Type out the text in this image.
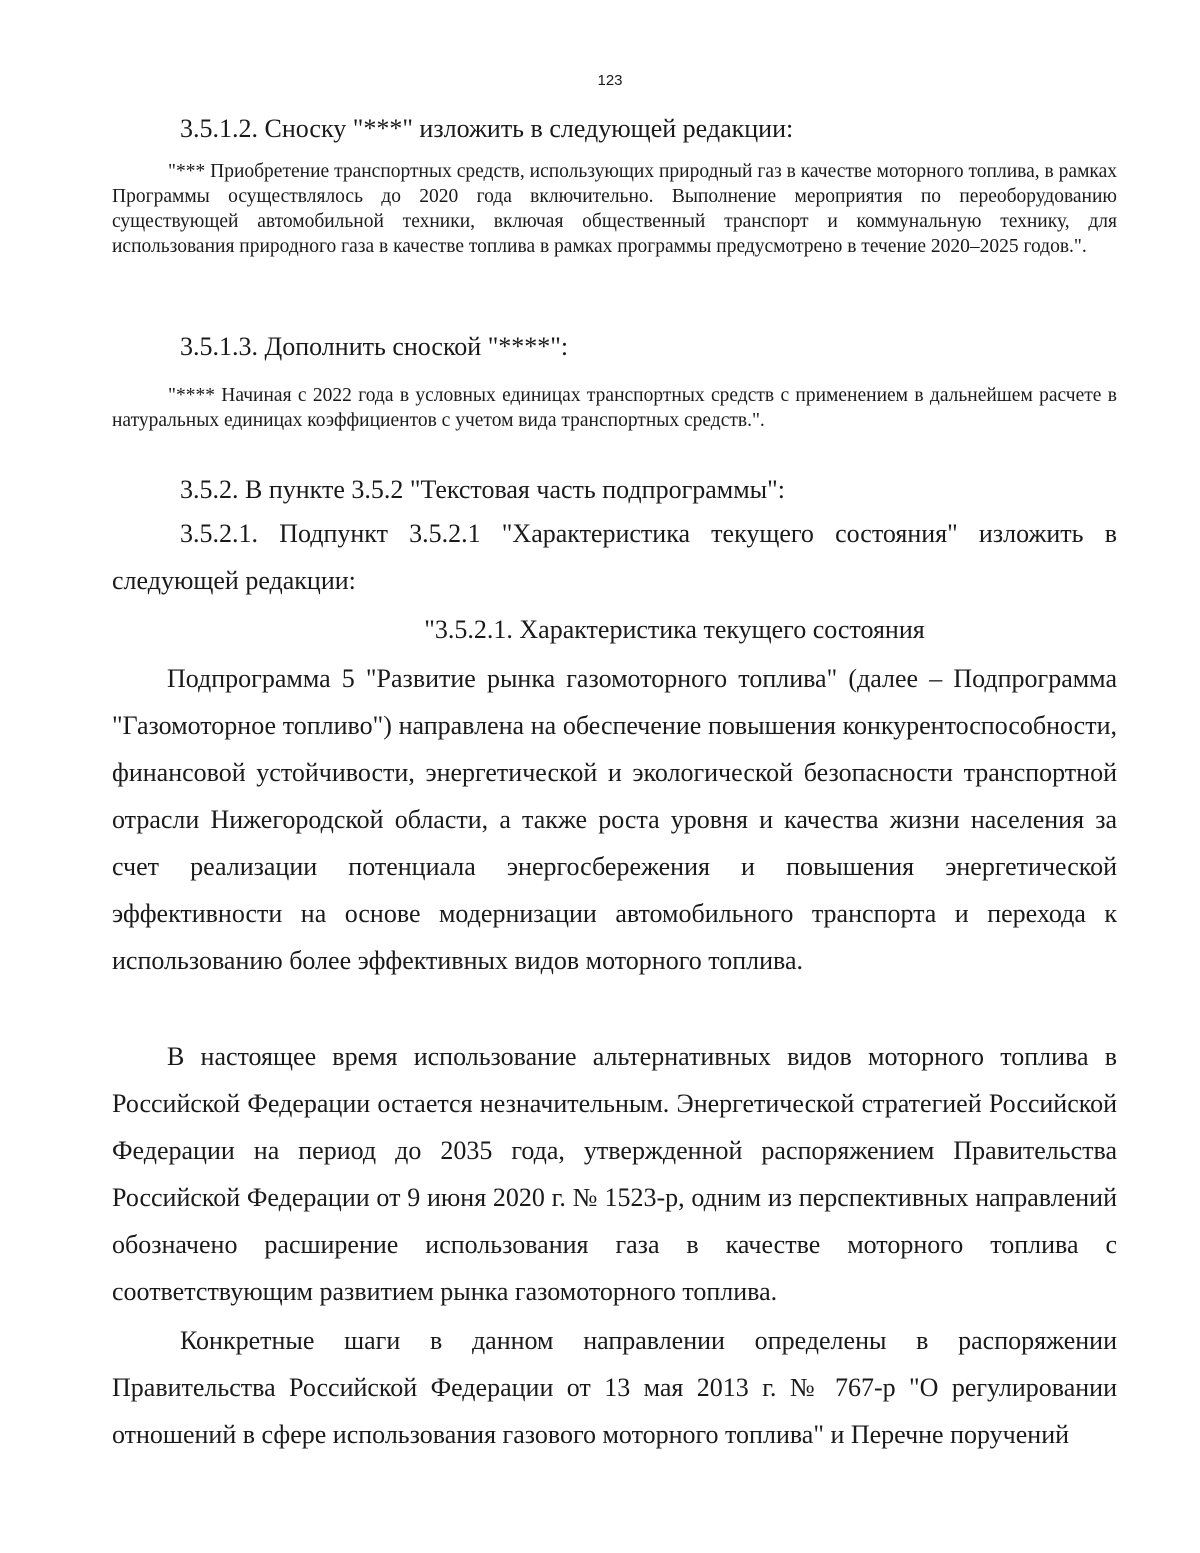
123

3.5.1.2. Сноску "***" изложить в следующей редакции:

"*** Приобретение транспортных средств, использующих природный газ в качестве моторного топлива, в рамках Программы осуществлялось до 2020 года включительно. Выполнение мероприятия по переоборудованию существующей автомобильной техники, включая общественный транспорт и коммунальную технику, для использования природного газа в качестве топлива в рамках программы предусмотрено в течение 2020–2025 годов.".

3.5.1.3. Дополнить сноской "****":

"**** Начиная с 2022 года в условных единицах транспортных средств с применением в дальнейшем расчете в натуральных единицах коэффициентов с учетом вида транспортных средств.".

3.5.2. В пункте 3.5.2 "Текстовая часть подпрограммы":

3.5.2.1. Подпункт 3.5.2.1 "Характеристика текущего состояния" изложить в следующей редакции:

"3.5.2.1. Характеристика текущего состояния

Подпрограмма 5 "Развитие рынка газомоторного топлива" (далее – Подпрограмма "Газомоторное топливо") направлена на обеспечение повышения конкурентоспособности, финансовой устойчивости, энергетической и экологической безопасности транспортной отрасли Нижегородской области, а также роста уровня и качества жизни населения за счет реализации потенциала энергосбережения и повышения энергетической эффективности на основе модернизации автомобильного транспорта и перехода к использованию более эффективных видов моторного топлива.

В настоящее время использование альтернативных видов моторного топлива в Российской Федерации остается незначительным. Энергетической стратегией Российской Федерации на период до 2035 года, утвержденной распоряжением Правительства Российской Федерации от 9 июня 2020 г. № 1523-р, одним из перспективных направлений обозначено расширение использования газа в качестве моторного топлива с соответствующим развитием рынка газомоторного топлива.

Конкретные шаги в данном направлении определены в распоряжении Правительства Российской Федерации от 13 мая 2013 г. № 767-р "О регулировании отношений в сфере использования газового моторного топлива" и Перечне поручений
